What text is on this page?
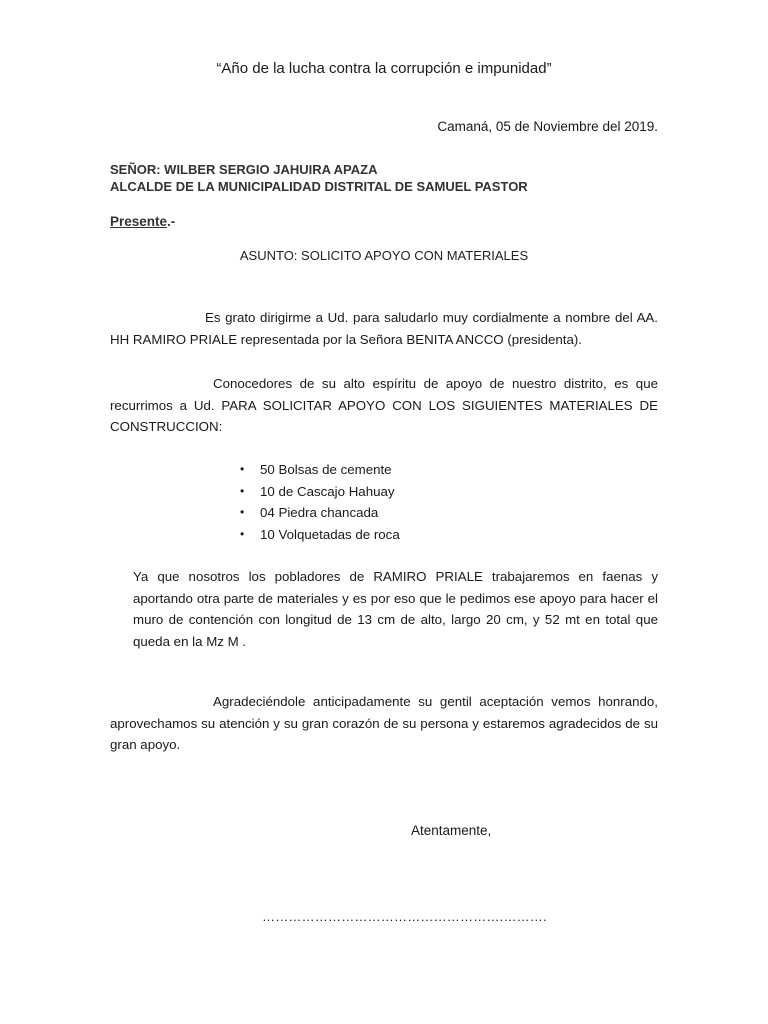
“Año de la lucha contra la corrupción e impunidad”
Camaná, 05 de Noviembre del 2019.
SEÑOR: WILBER SERGIO JAHUIRA APAZA
ALCALDE DE LA MUNICIPALIDAD DISTRITAL DE SAMUEL PASTOR
Presente.-
ASUNTO: SOLICITO APOYO CON MATERIALES
Es grato dirigirme a Ud. para saludarlo muy cordialmente a nombre del AA. HH RAMIRO PRIALE representada por la Señora BENITA ANCCO (presidenta).
Conocedores de su alto espíritu de apoyo de nuestro distrito, es que recurrimos a Ud. PARA SOLICITAR APOYO CON LOS SIGUIENTES MATERIALES DE CONSTRUCCION:
• 50 Bolsas de cemente
• 10 de Cascajo Hahuay
• 04 Piedra chancada
• 10 Volquetadas de roca
Ya que nosotros los pobladores de RAMIRO PRIALE trabajaremos en faenas y aportando otra parte de materiales y es por eso que le pedimos ese apoyo para hacer el muro de contención con longitud de 13 cm de alto, largo 20 cm, y 52 mt en total que queda en la Mz M .
Agradeciéndole anticipadamente su gentil aceptación vemos honrando, aprovechamos su atención y su gran corazón de su persona y estaremos agradecidos de su gran apoyo.
Atentamente,
……………………………………………….……….
